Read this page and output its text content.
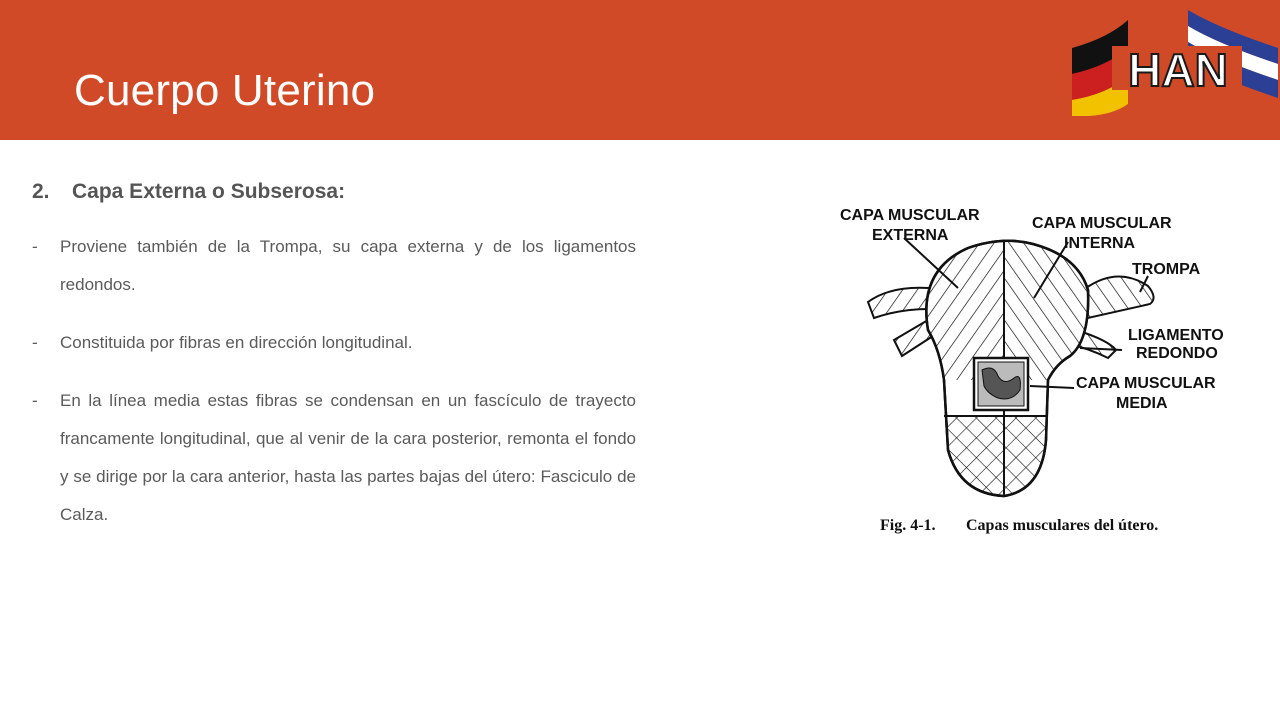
Cuerpo Uterino	HAN
2.	Capa Externa o Subserosa:
-	Proviene también de la Trompa, su capa externa y de los ligamentos redondos.
-	Constituida por fibras en dirección longitudinal.
-	En la línea media estas fibras se condensan en un fascículo de trayecto francamente longitudinal, que al venir de la cara posterior, remonta el fondo y se dirige por la cara anterior, hasta las partes bajas del útero: Fasciculo de Calza.
CAPA MUSCULAR
EXTERNA
CAPA MUSCULAR
INTERNA
TROMPA
LIGAMENTO
REDONDO
CAPA MUSCULAR
MEDIA
Fig. 4-1. Capas musculares del útero.
